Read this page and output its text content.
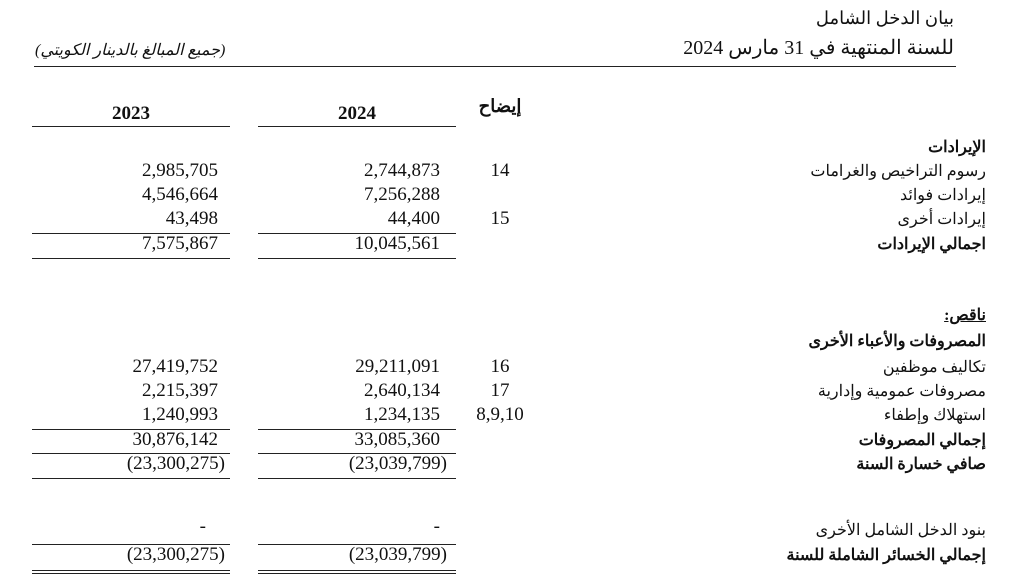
بيان الدخل الشامل
للسنة المنتهية في 31 مارس 2024
(جميع المبالغ بالدينار الكويتي)
2023	2024	إيضاح
الإيرادات
رسوم التراخيص والغرامات
14
2,744,873
2,985,705
إيرادات فوائد
7,256,288
4,546,664
إيرادات أخرى
15
44,400
43,498
اجمالي الإيرادات
10,045,561
7,575,867
ناقص:
المصروفات والأعباء الأخرى
تكاليف موظفين
16
29,211,091
27,419,752
مصروفات عمومية وإدارية
17
2,640,134
2,215,397
استهلاك وإطفاء
8,9,10
1,234,135
1,240,993
إجمالي المصروفات
33,085,360
30,876,142
صافي خسارة السنة
(23,039,799)
(23,300,275)
بنود الدخل الشامل الأخرى
-
-
إجمالي الخسائر الشاملة للسنة
(23,039,799)
(23,300,275)
